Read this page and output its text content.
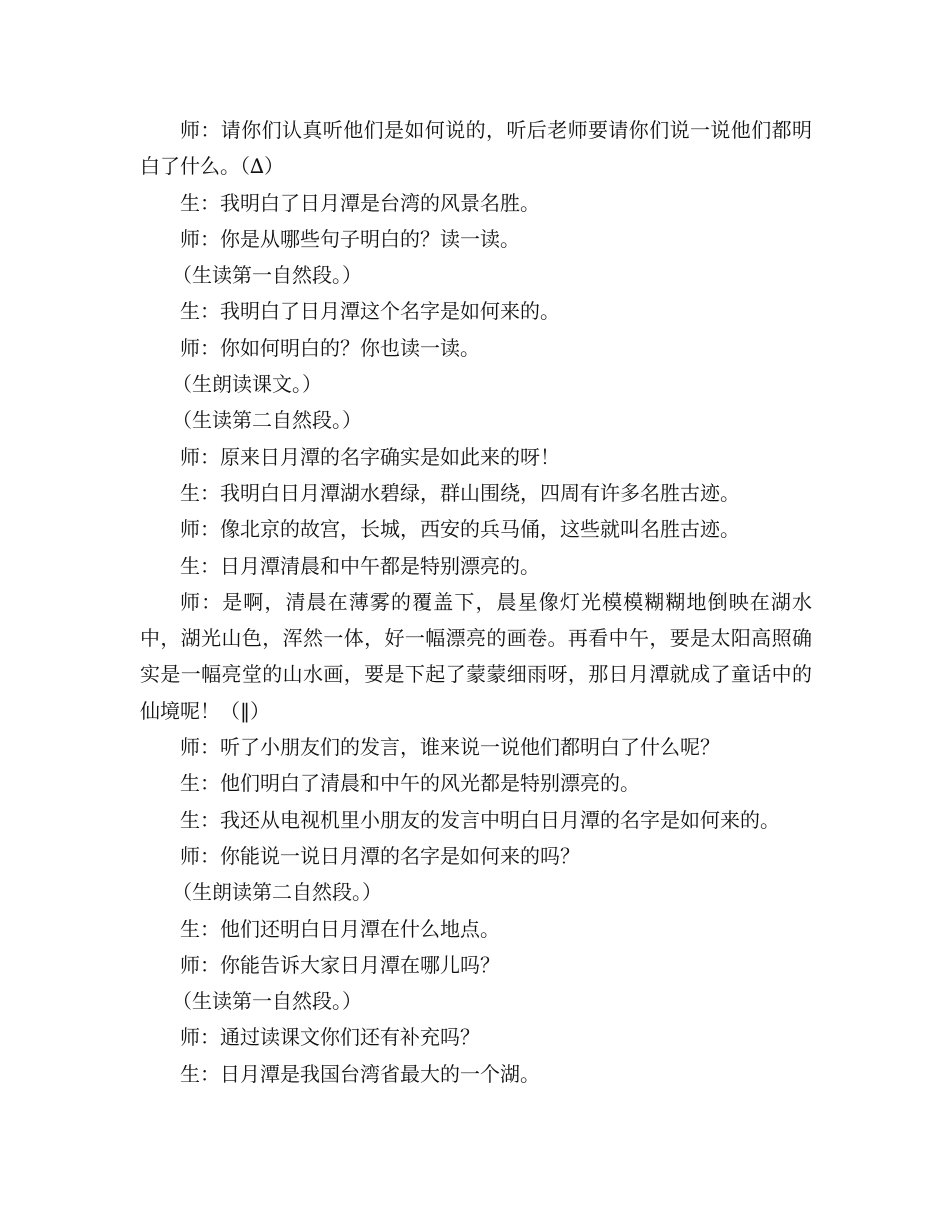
师：请你们认真听他们是如何说的，听后老师要请你们说一说他们都明白了什么。（∆）

生：我明白了日月潭是台湾的风景名胜。

师：你是从哪些句子明白的？读一读。

（生读第一自然段。）

生：我明白了日月潭这个名字是如何来的。

师：你如何明白的？你也读一读。

（生朗读课文。）

（生读第二自然段。）

师：原来日月潭的名字确实是如此来的呀！

生：我明白日月潭湖水碧绿，群山围绕，四周有许多名胜古迹。

师：像北京的故宫，长城，西安的兵马俑，这些就叫名胜古迹。

生：日月潭清晨和中午都是特别漂亮的。

师：是啊，清晨在薄雾的覆盖下，晨星像灯光模模糊糊地倒映在湖水中，湖光山色，浑然一体，好一幅漂亮的画卷。再看中午，要是太阳高照确实是一幅亮堂的山水画，要是下起了蒙蒙细雨呀，那日月潭就成了童话中的仙境呢！（‖）

师：听了小朋友们的发言，谁来说一说他们都明白了什么呢？

生：他们明白了清晨和中午的风光都是特别漂亮的。

生：我还从电视机里小朋友的发言中明白日月潭的名字是如何来的。

师：你能说一说日月潭的名字是如何来的吗？

（生朗读第二自然段。）

生：他们还明白日月潭在什么地点。

师：你能告诉大家日月潭在哪儿吗？

（生读第一自然段。）

师：通过读课文你们还有补充吗？

生：日月潭是我国台湾省最大的一个湖。
